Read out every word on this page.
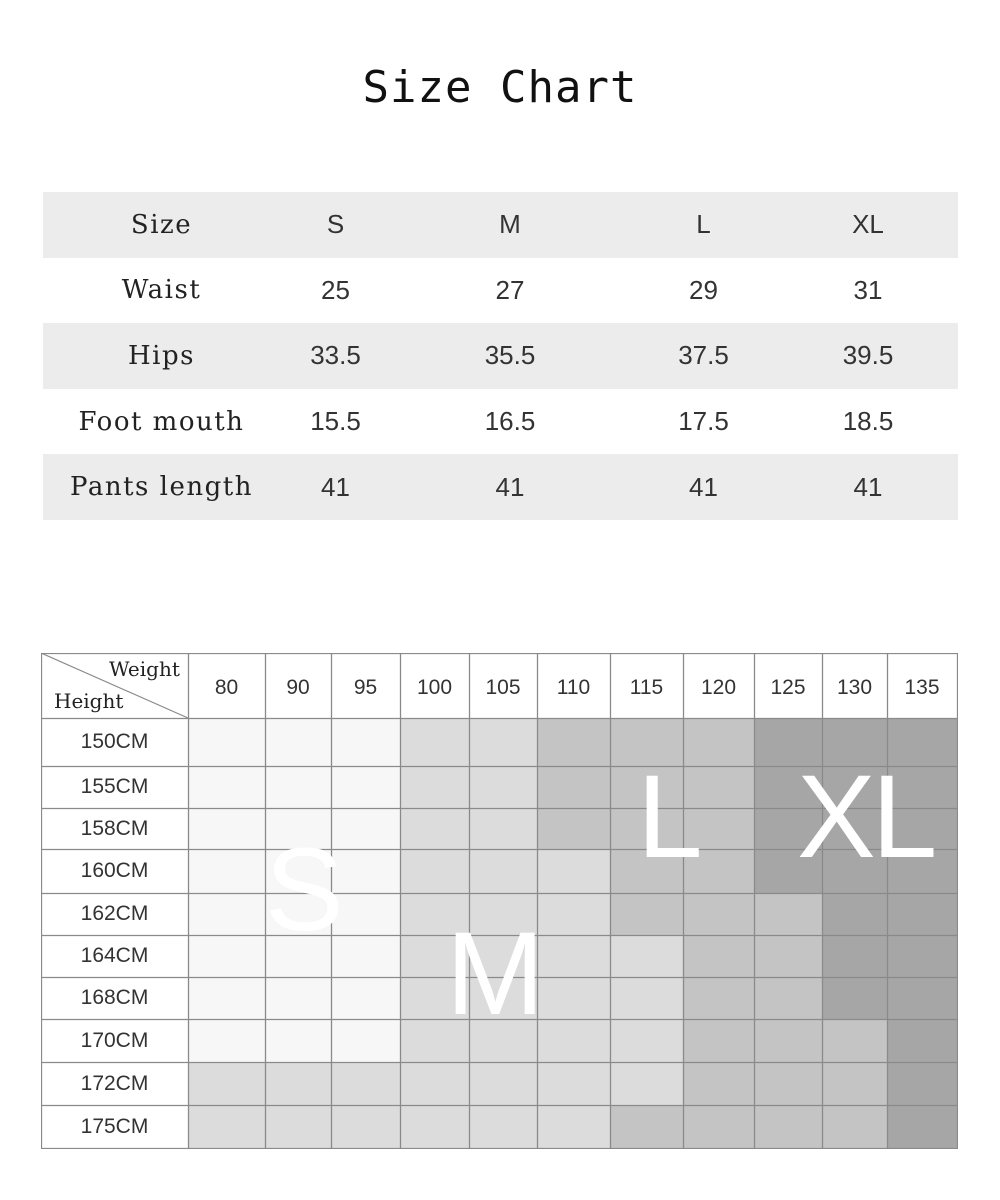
Size Chart
Size	S	M	L	XL
Waist	25	27	29	31
Hips	33.5	35.5	37.5	39.5
Foot mouth	15.5	16.5	17.5	18.5
Pants length	41	41	41	41
Weight
Height
S
M
L XL
80	90	95	100	105	110	115	120	125	130	135
150CM
155CM
158CM
160CM
162CM
164CM
168CM
170CM
172CM
175CM
